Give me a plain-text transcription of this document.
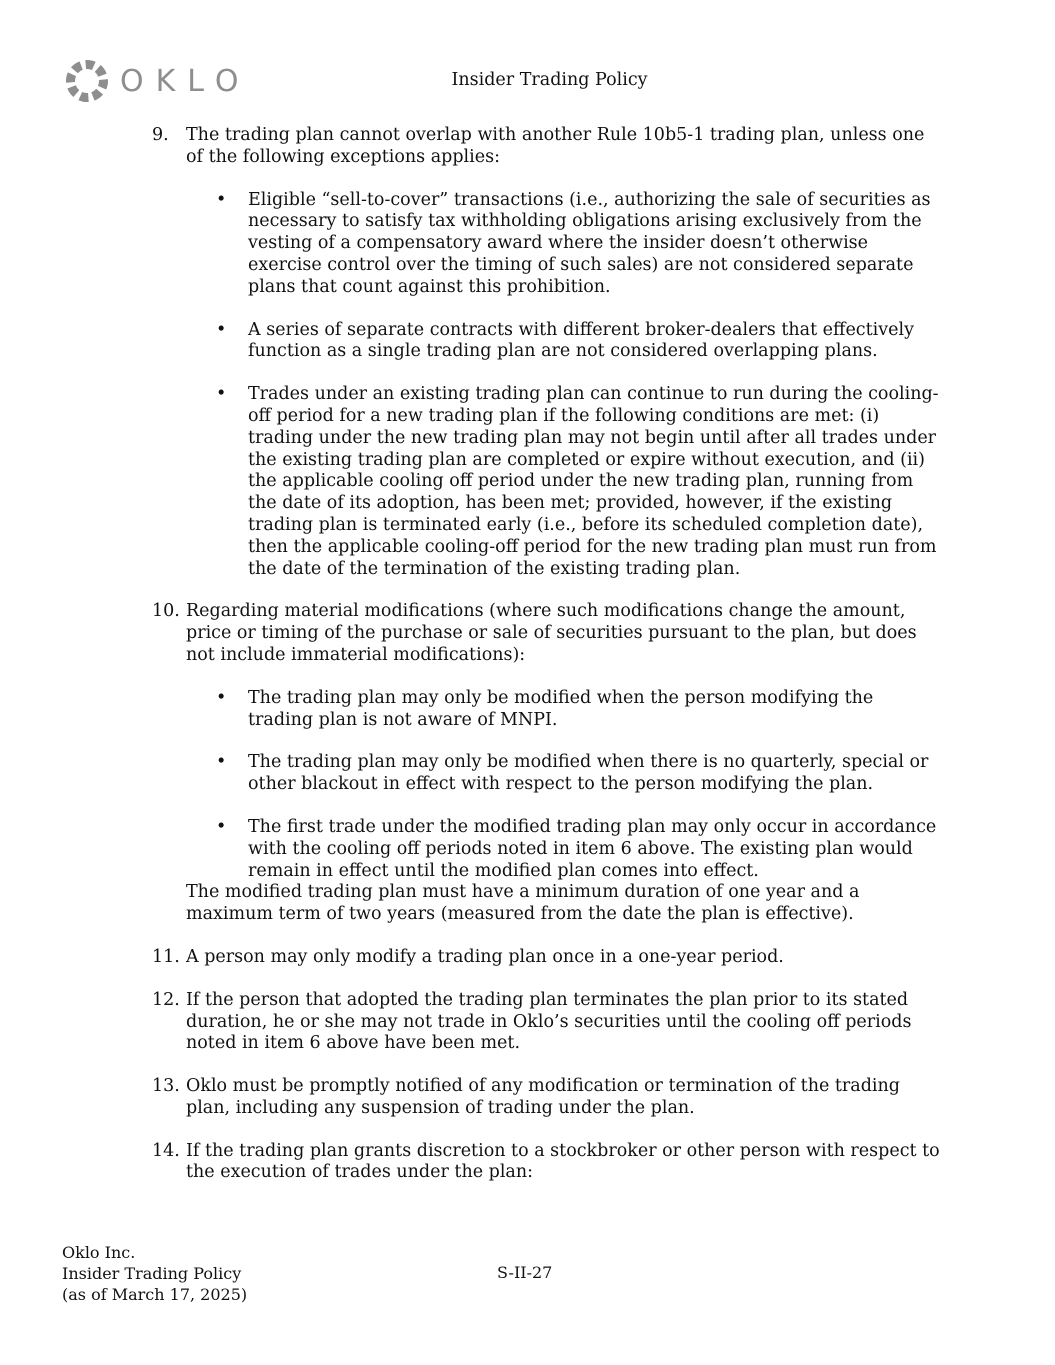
OKLO	Insider Trading Policy
9. The trading plan cannot overlap with another Rule 10b5-1 trading plan, unless one of the following exceptions applies:

•	Eligible “sell-to-cover” transactions (i.e., authorizing the sale of securities as necessary to satisfy tax withholding obligations arising exclusively from the vesting of a compensatory award where the insider doesn’t otherwise exercise control over the timing of such sales) are not considered separate plans that count against this prohibition.
•	A series of separate contracts with different broker-dealers that effectively function as a single trading plan are not considered overlapping plans.
•	Trades under an existing trading plan can continue to run during the cooling-off period for a new trading plan if the following conditions are met: (i) trading under the new trading plan may not begin until after all trades under the existing trading plan are completed or expire without execution, and (ii) the applicable cooling off period under the new trading plan, running from the date of its adoption, has been met; provided, however, if the existing trading plan is terminated early (i.e., before its scheduled completion date), then the applicable cooling-off period for the new trading plan must run from the date of the termination of the existing trading plan.
10. Regarding material modifications (where such modifications change the amount, price or timing of the purchase or sale of securities pursuant to the plan, but does not include immaterial modifications):

•	The trading plan may only be modified when the person modifying the trading plan is not aware of MNPI.
•	The trading plan may only be modified when there is no quarterly, special or other blackout in effect with respect to the person modifying the plan.
•	The first trade under the modified trading plan may only occur in accordance with the cooling off periods noted in item 6 above. The existing plan would remain in effect until the modified plan comes into effect.

The modified trading plan must have a minimum duration of one year and a maximum term of two years (measured from the date the plan is effective).

11. A person may only modify a trading plan once in a one-year period.

12. If the person that adopted the trading plan terminates the plan prior to its stated duration, he or she may not trade in Oklo’s securities until the cooling off periods noted in item 6 above have been met.

13. Oklo must be promptly notified of any modification or termination of the trading plan, including any suspension of trading under the plan.

14. If the trading plan grants discretion to a stockbroker or other person with respect to the execution of trades under the plan:

Oklo Inc.
Insider Trading Policy
(as of March 17, 2025)
S-II-27
